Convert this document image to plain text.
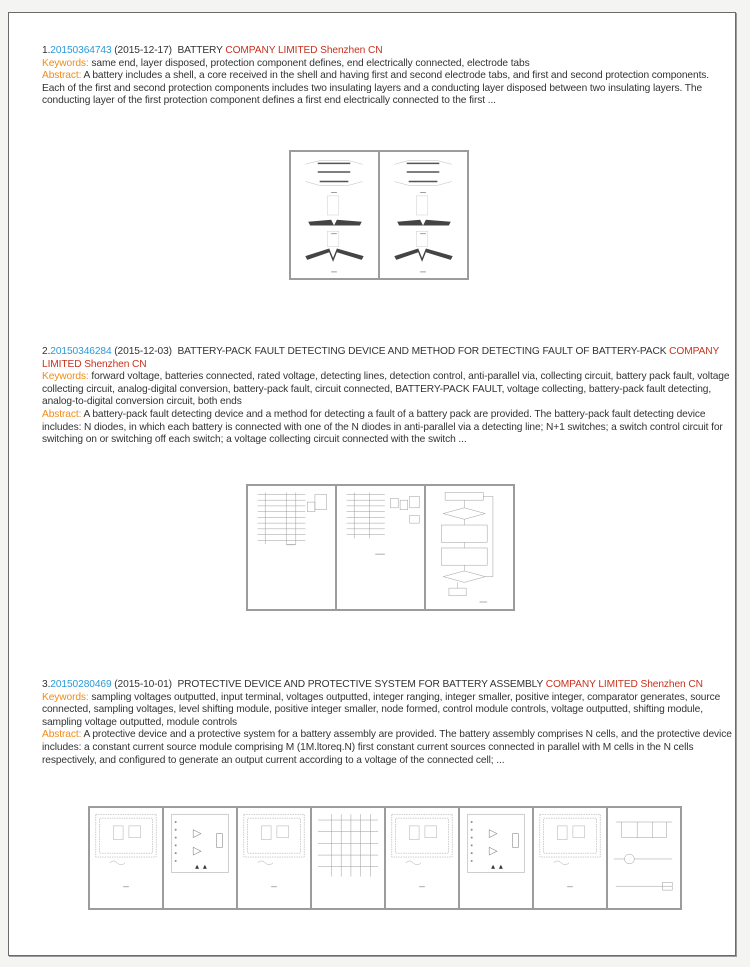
1.20150364743 (2015-12-17) BATTERY COMPANY LIMITED Shenzhen CN
Keywords: same end, layer disposed, protection component defines, end electrically connected, electrode tabs
Abstract: A battery includes a shell, a core received in the shell and having first and second electrode tabs, and first and second protection components. Each of the first and second protection components includes two insulating layers and a conducting layer disposed between two insulating layers. The conducting layer of the first protection component defines a first end electrically connected to the first ...
2.20150346284 (2015-12-03) BATTERY-PACK FAULT DETECTING DEVICE AND METHOD FOR DETECTING FAULT OF BATTERY-PACK COMPANY LIMITED Shenzhen CN
Keywords: forward voltage, batteries connected, rated voltage, detecting lines, detection control, anti-parallel via, collecting circuit, battery pack fault, voltage collecting circuit, analog-digital conversion, battery-pack fault, circuit connected, BATTERY-PACK FAULT, voltage collecting, battery-pack fault detecting, analog-to-digital conversion circuit, both ends
Abstract: A battery-pack fault detecting device and a method for detecting a fault of a battery pack are provided. The battery-pack fault detecting device includes: N diodes, in which each battery is connected with one of the N diodes in anti-parallel via a detecting line; N+1 switches; a switch control circuit for switching on or switching off each switch; a voltage collecting circuit connected with the switch ...
3.20150280469 (2015-10-01) PROTECTIVE DEVICE AND PROTECTIVE SYSTEM FOR BATTERY ASSEMBLY COMPANY LIMITED Shenzhen CN
Keywords: sampling voltages outputted, input terminal, voltages outputted, integer ranging, integer smaller, positive integer, comparator generates, source connected, sampling voltages, level shifting module, positive integer smaller, node formed, control module controls, voltage outputted, shifting module, sampling voltage outputted, module controls
Abstract: A protective device and a protective system for a battery assembly are provided. The battery assembly comprises N cells, and the protective device includes: a constant current source module comprising M (1M.ltoreq.N) first constant current sources connected in parallel with M cells in the N cells respectively, and configured to generate an output current according to a voltage of the connected cell; ...
